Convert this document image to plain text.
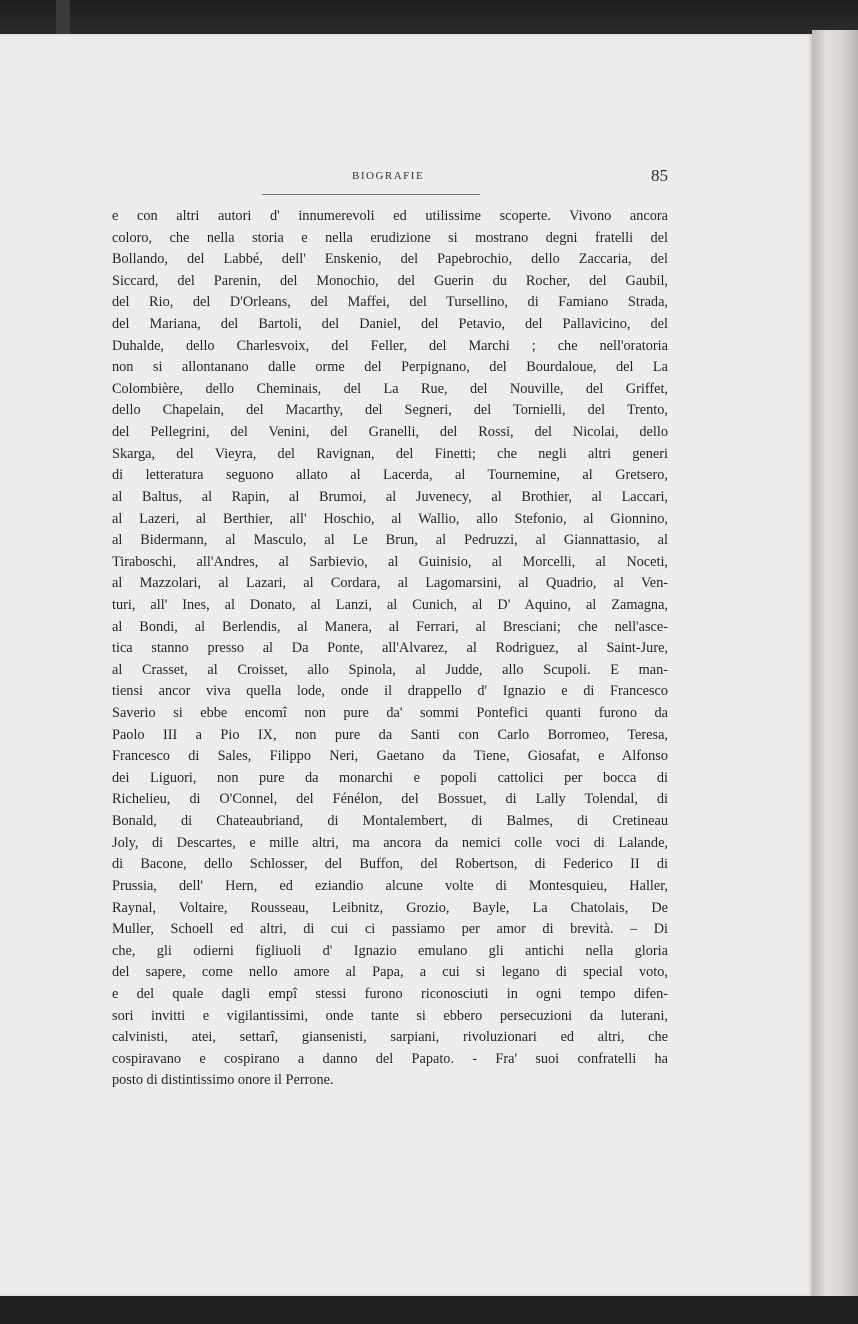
BIOGRAFIE	85
e con altri autori d' innumerevoli ed utilissime scoperte. Vivono ancora
coloro, che nella storia e nella erudizione si mostrano degni fratelli del
Bollando, del Labbé, dell' Enskenio, del Papebrochio, dello Zaccaria, del
Siccard, del Parenin, del Monochio, del Guerin du Rocher, del Gaubil,
del Rio, del D'Orleans, del Maffei, del Tursellino, di Famiano Strada,
del Mariana, del Bartoli, del Daniel, del Petavio, del Pallavicino, del
Duhalde, dello Charlesvoix, del Feller, del Marchi ; che nell'oratoria
non si allontanano dalle orme del Perpignano, del Bourdaloue, del La
Colombière, dello Cheminais, del La Rue, del Nouville, del Griffet,
dello Chapelain, del Macarthy, del Segneri, del Tornielli, del Trento,
del Pellegrini, del Venini, del Granelli, del Rossi, del Nicolai, dello
Skarga, del Vieyra, del Ravignan, del Finetti; che negli altri generi
di letteratura seguono allato al Lacerda, al Tournemine, al Gretsero,
al Baltus, al Rapin, al Brumoi, al Juvenecy, al Brothier, al Laccari,
al Lazeri, al Berthier, all' Hoschio, al Wallio, allo Stefonio, al Gionnino,
al Bidermann, al Masculo, al Le Brun, al Pedruzzi, al Giannattasio, al
Tiraboschi, all'Andres, al Sarbievio, al Guinisio, al Morcelli, al Noceti,
al Mazzolari, al Lazari, al Cordara, al Lagomarsini, al Quadrio, al Ven-
turi, all' Ines, al Donato, al Lanzi, al Cunich, al D' Aquino, al Zamagna,
al Bondi, al Berlendis, al Manera, al Ferrari, al Bresciani; che nell'asce-
tica stanno presso al Da Ponte, all'Alvarez, al Rodriguez, al Saint-Jure,
al Crasset, al Croisset, allo Spinola, al Judde, allo Scupoli. E man-
tiensi ancor viva quella lode, onde il drappello d' Ignazio e di Francesco
Saverio si ebbe encomî non pure da' sommi Pontefici quanti furono da
Paolo III a Pio IX, non pure da Santi con Carlo Borromeo, Teresa,
Francesco di Sales, Filippo Neri, Gaetano da Tiene, Giosafat, e Alfonso
dei Liguori, non pure da monarchi e popoli cattolici per bocca di
Richelieu, di O'Connel, del Fénélon, del Bossuet, di Lally Tolendal, di
Bonald, di Chateaubriand, di Montalembert, di Balmes, di Cretineau
Joly, di Descartes, e mille altri, ma ancora da nemici colle voci di Lalande,
di Bacone, dello Schlosser, del Buffon, del Robertson, di Federico II di
Prussia, dell' Hern, ed eziandio alcune volte di Montesquieu, Haller,
Raynal, Voltaire, Rousseau, Leibnitz, Grozio, Bayle, La Chatolais, De
Muller, Schoell ed altri, di cui ci passiamo per amor di brevità. – Di
che, gli odierni figliuoli d' Ignazio emulano gli antichi nella gloria
del sapere, come nello amore al Papa, a cui si legano di special voto,
e del quale dagli empî stessi furono riconosciuti in ogni tempo difen-
sori invitti e vigilantissimi, onde tante si ebbero persecuzioni da luterani,
calvinisti, atei, settarî, giansenisti, sarpiani, rivoluzionari ed altri, che
cospiravano e cospirano a danno del Papato. - Fra' suoi confratelli ha
posto di distintissimo onore il Perrone.
